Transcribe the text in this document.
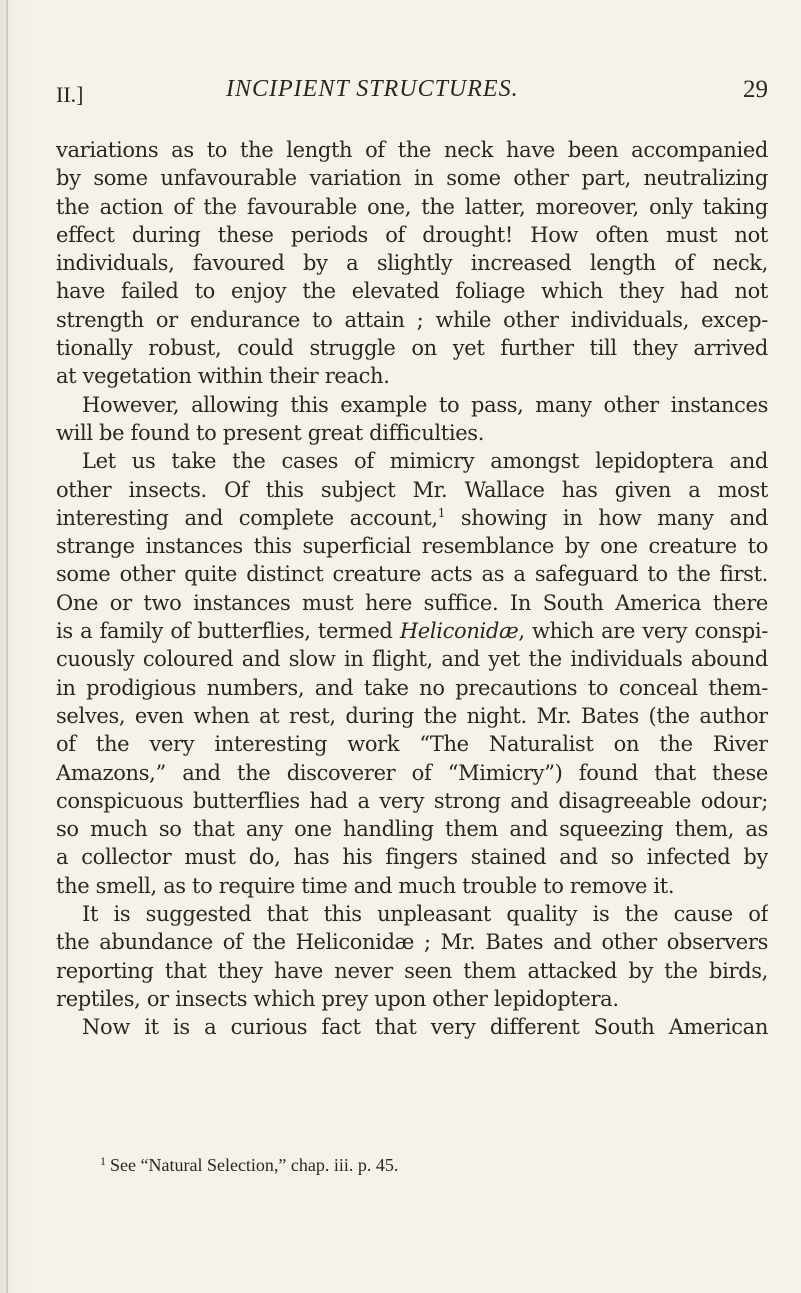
II.]	INCIPIENT STRUCTURES.	29
variations as to the length of the neck have been accompanied
by some unfavourable variation in some other part, neutralizing
the action of the favourable one, the latter, moreover, only taking
effect during these periods of drought! How often must not
individuals, favoured by a slightly increased length of neck,
have failed to enjoy the elevated foliage which they had not
strength or endurance to attain ; while other individuals, excep-
tionally robust, could struggle on yet further till they arrived
at vegetation within their reach.
However, allowing this example to pass, many other instances
will be found to present great difficulties.
Let us take the cases of mimicry amongst lepidoptera and
other insects. Of this subject Mr. Wallace has given a most
interesting and complete account,$^1$ showing in how many and
strange instances this superficial resemblance by one creature to
some other quite distinct creature acts as a safeguard to the first.
One or two instances must here suffice. In South America there
is a family of butterflies, termed Heliconidæ, which are very conspi-
cuously coloured and slow in flight, and yet the individuals abound
in prodigious numbers, and take no precautions to conceal them-
selves, even when at rest, during the night. Mr. Bates (the author
of the very interesting work “The Naturalist on the River
Amazons,” and the discoverer of “Mimicry”) found that these
conspicuous butterflies had a very strong and disagreeable odour;
so much so that any one handling them and squeezing them, as
a collector must do, has his fingers stained and so infected by
the smell, as to require time and much trouble to remove it.
It is suggested that this unpleasant quality is the cause of
the abundance of the Heliconidæ ; Mr. Bates and other observers
reporting that they have never seen them attacked by the birds,
reptiles, or insects which prey upon other lepidoptera.
Now it is a curious fact that very different South American
$^1$ See “Natural Selection,” chap. iii. p. 45.
